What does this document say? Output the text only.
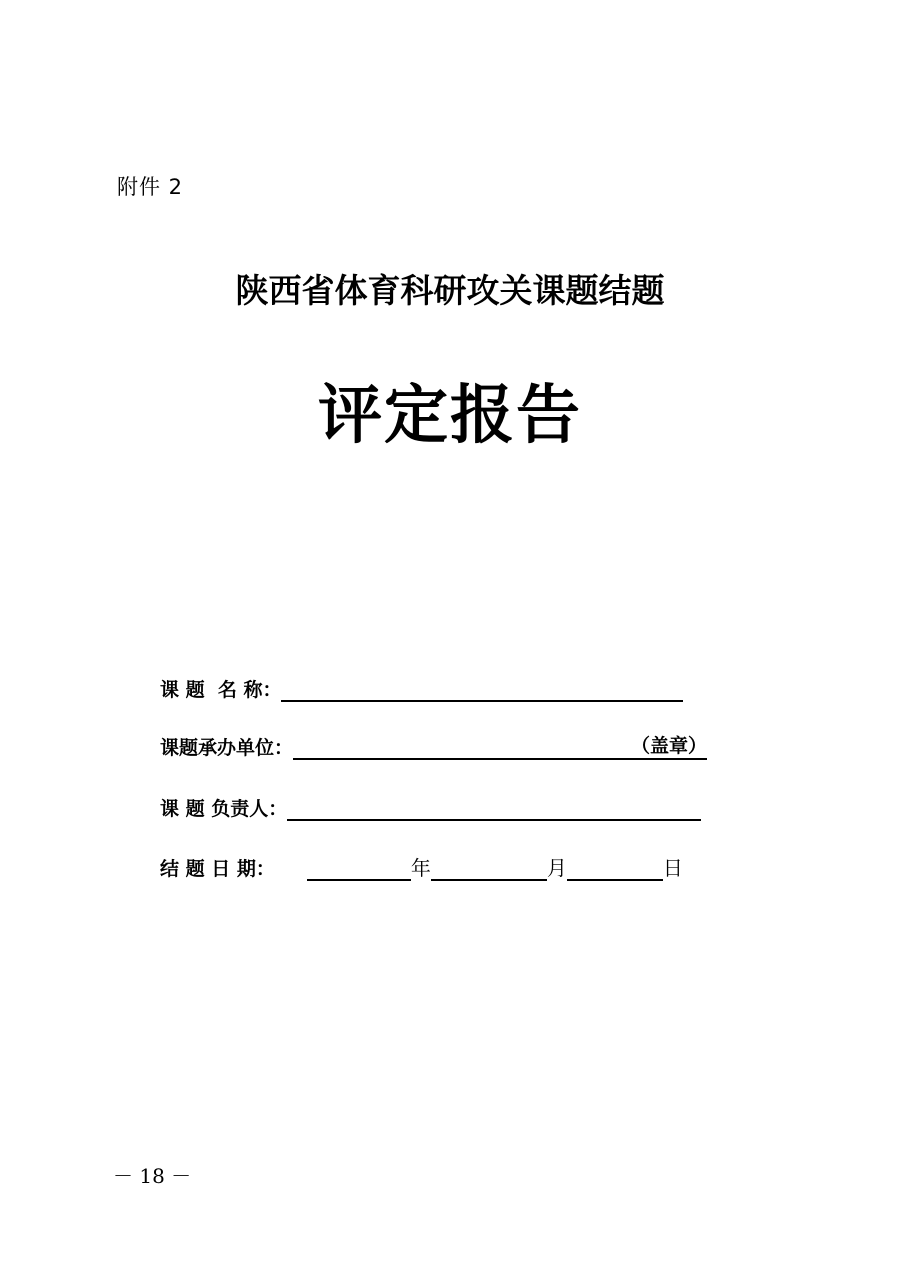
附件 2
陕西省体育科研攻关课题结题
评定报告
课 题  名 称：
课题承办单位：	（盖章）
课 题 负责人：
结 题 日 期：	年	月	日
－ 18 －
